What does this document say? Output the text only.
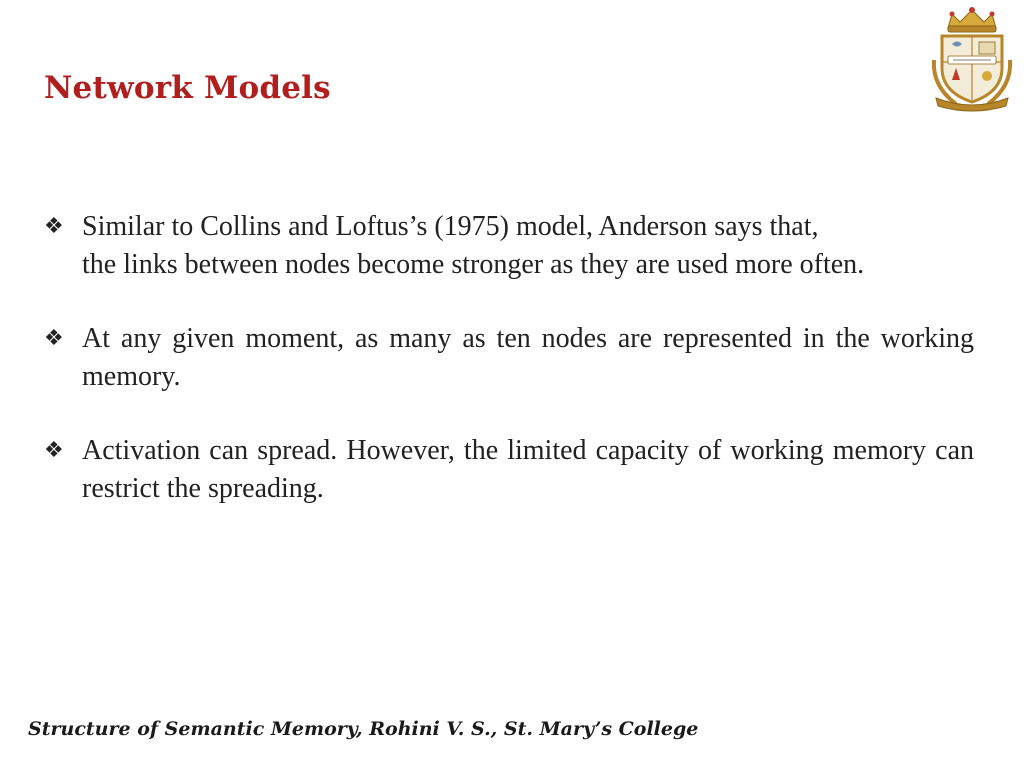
Network Models
❖ Similar to Collins and Loftus’s (1975) model, Anderson says that,
the links between nodes become stronger as they are used more often.
❖ At any given moment, as many as ten nodes are represented in the working memory.
❖ Activation can spread. However, the limited capacity of working memory can restrict the spreading.
Structure of Semantic Memory, Rohini V. S., St. Mary’s College
